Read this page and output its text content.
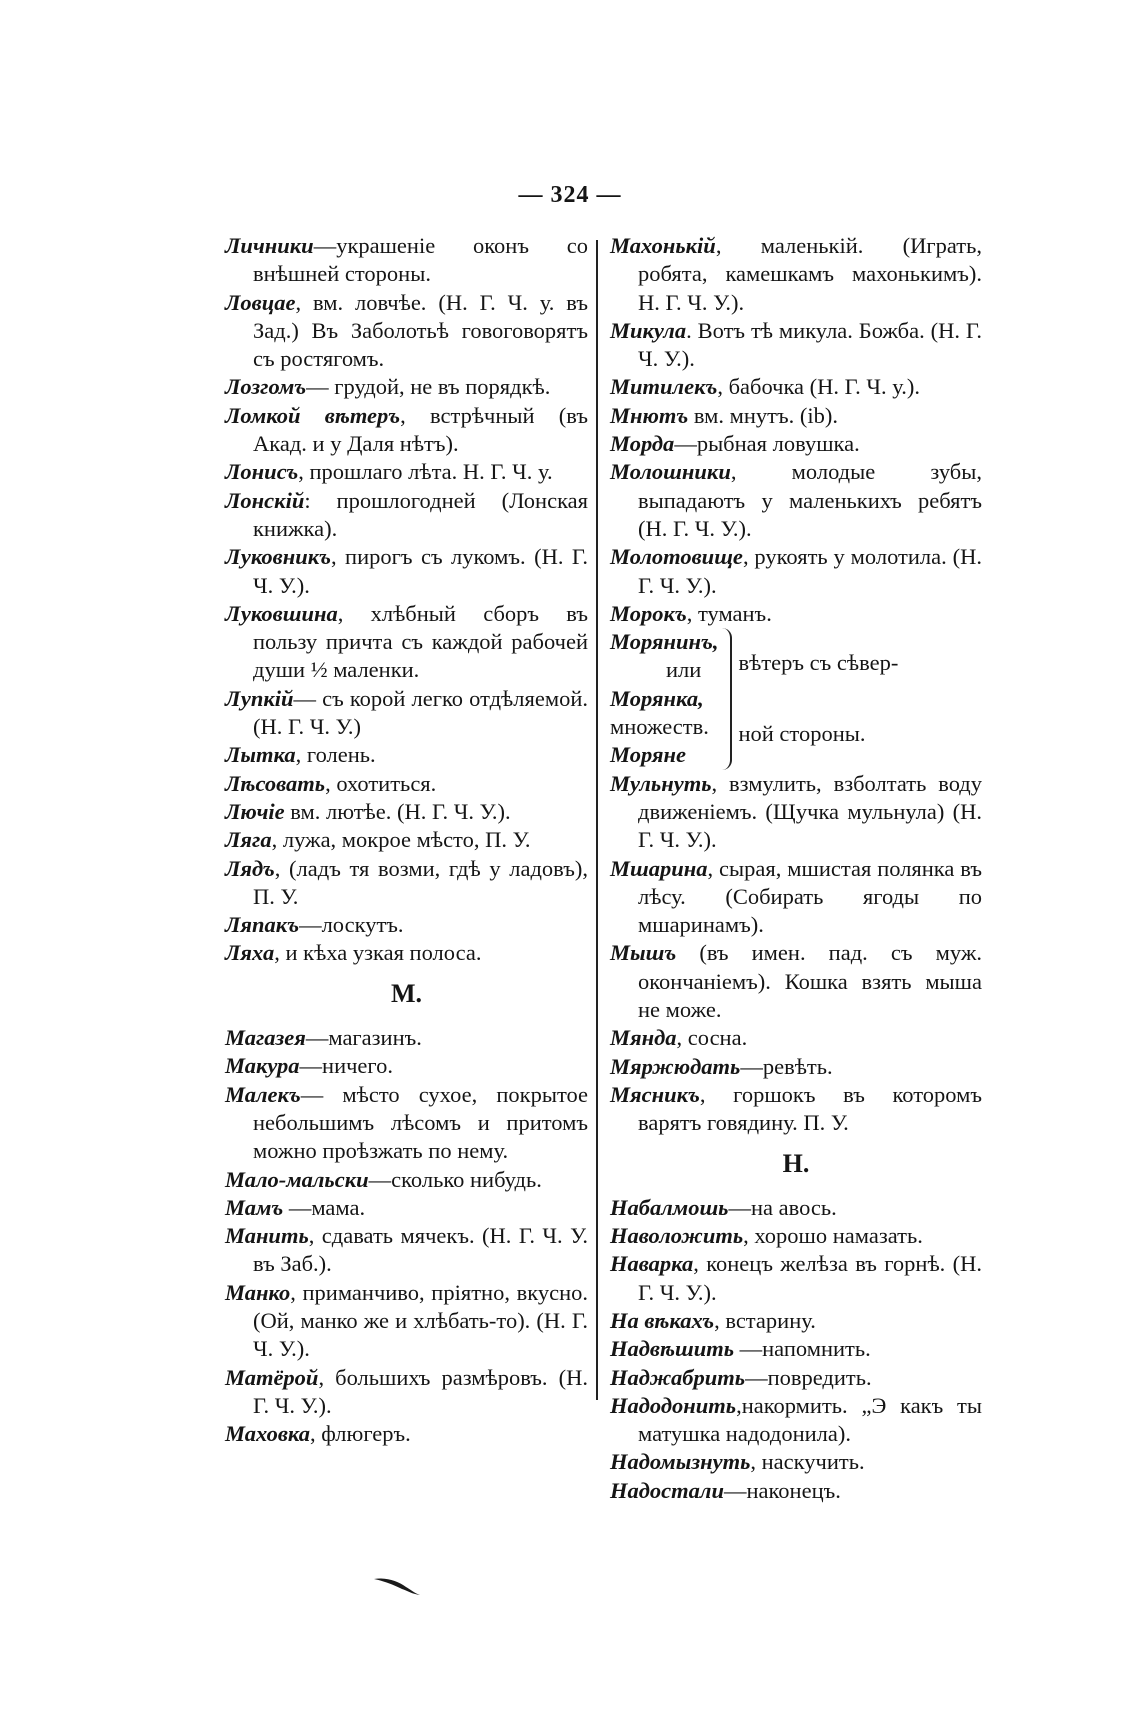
— 324 —
Личники—украшеніе оконъ со внѣшней стороны.
Ловцае, вм. ловчѣе. (Н. Г. Ч. у. въ Зад.) Въ Заболотьѣ говоговорятъ съ ростягомъ.
Лозгомъ— грудой, не въ порядкѣ.
Ломкой вѣтеръ, встрѣчный (въ Акад. и у Даля нѣтъ).
Лонисъ, прошлаго лѣта. Н. Г. Ч. у.
Лонскій: прошлогодней (Лонская книжка).
Луковникъ, пирогъ съ лукомъ. (Н. Г. Ч. У.).
Луковшина, хлѣбный сборъ въ пользу причта съ каждой рабочей души ½ маленки.
Лупкій— съ корой легко отдѣляемой. (Н. Г. Ч. У.)
Лытка, голень.
Лѣсовать, охотиться.
Лючіе вм. лютѣе. (Н. Г. Ч. У.).
Ляга, лужа, мокрое мѣсто, П. У.
Лядъ, (ладъ тя возми, гдѣ у ладовъ), П. У.
Ляпакъ—лоскутъ.
Ляха, и кѣха узкая полоса.
М.
Магазея—магазинъ.
Макура—ничего.
Малекъ— мѣсто сухое, покрытое небольшимъ лѣсомъ и притомъ можно проѣзжать по нему.
Мало-мальски—сколько нибудь.
Мамъ —мама.
Манить, сдавать мячекъ. (Н. Г. Ч. У. въ Заб.).
Манко, приманчиво, пріятно, вкусно. (Ой, манко же и хлѣбать-то). (Н. Г. Ч. У.).
Матёрой, большихъ размѣровъ. (Н. Г. Ч. У.).
Маховка, флюгеръ.
Махонькій, маленькій. (Играть, робята, камешкамъ махонькимъ). Н. Г. Ч. У.).
Микула. Вотъ тѣ микула. Божба. (Н. Г. Ч. У.).
Митилекъ, бабочка (Н. Г. Ч. у.).
Мнютъ вм. мнутъ. (ib).
Морда—рыбная ловушка.
Молошники, молодые зубы, выпадаютъ у маленькихъ ребятъ (Н. Г. Ч. У.).
Молотовище, рукоять у молотила. (Н. Г. Ч. У.).
Морокъ, туманъ.
Морянинъ,
или
Морянка,
множеств.
Моряне
вѣтеръ съ сѣвер-
ной стороны.
Мульнуть, взмулить, взболтать воду движеніемъ. (Щучка мульнула) (Н. Г. Ч. У.).
Мшарина, сырая, мшистая полянка въ лѣсу. (Собирать ягоды по мшаринамъ).
Мышъ (въ имен. пад. съ муж. окончаніемъ). Кошка взять мыша не може.
Мянда, сосна.
Мяржюдать—ревѣть.
Мясникъ, горшокъ въ которомъ варятъ говядину. П. У.
Н.
Набалмошь—на авось.
Наволожить, хорошо намазать.
Наварка, конецъ желѣза въ горнѣ. (Н. Г. Ч. У.).
На вѣкахъ, встарину.
Надвѣшить —напомнить.
Наджабрить—повредить.
Надодонить,накормить. „Э какъ ты матушка надодонила).
Надомызнуть, наскучить.
Надостали—наконецъ.
